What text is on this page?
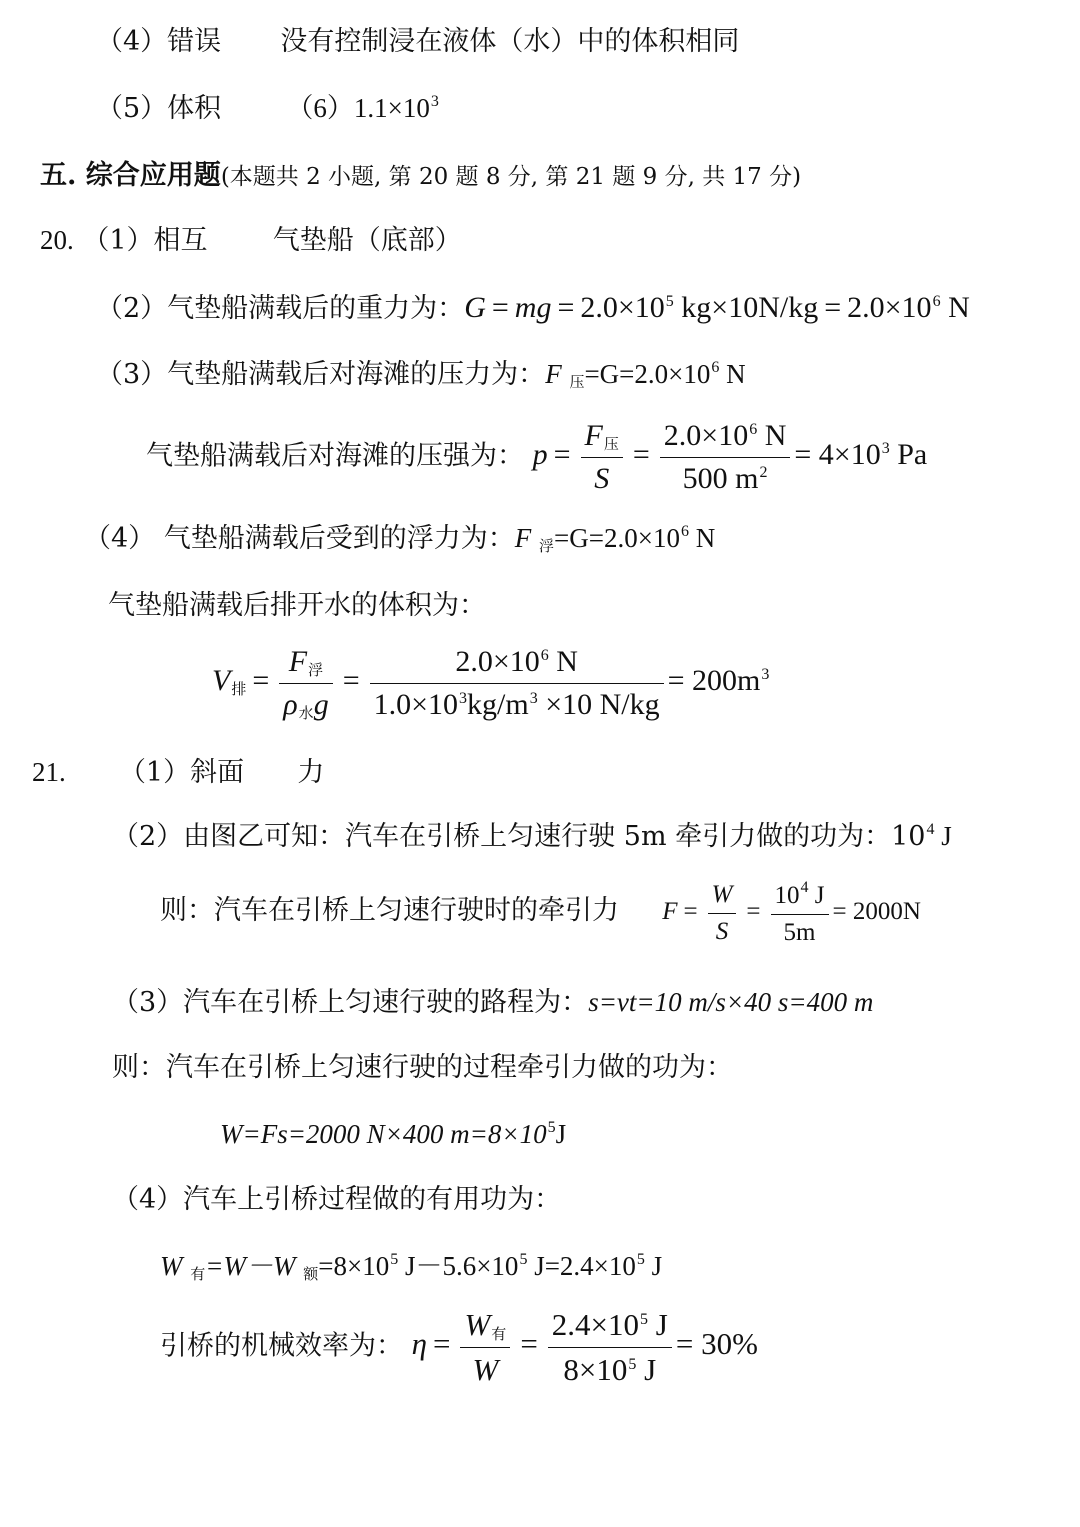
（4）错误 没有控制浸在液体（水）中的体积相同
（5）体积 $(6)1.1\times 10^3$
五. 综合应用题(本题共 2 小题, 第 20 题 8 分, 第 21 题 9 分, 共 17 分)
20. （1）相互 气垫船（底部）
（2）气垫船满载后的重力为：G = mg = $2.0\times 10^5$ $kg\times 10N/kg = 2.0\times 10^6$ N
（3）气垫船满载后对海滩的压力为：F $_压=G=2.0\times 10^6$ N
气垫船满载后对海滩的压强为： $p = \frac{F_压}{S} = \frac{2.0\times 10^6 N}{500 m^2} = 4\times 10^3$ Pa
（4） 气垫船满载后受到的浮力为：F $_浮=G=2.0\times 10^6$ N
气垫船满载后排开水的体积为：
$V_排 = \frac{F_浮}{\rho_水g} = \frac{2.0\times 10^6 N}{1.0\times 10^3kg/m^3 \times 10 N/kg} = 200m^3$
21. （1）斜面 力
（2）由图乙可知：汽车在引桥上匀速行驶 5m 牵引力做的功为：$10^4$ J
则：汽车在引桥上匀速行驶时的牵引力 $F = \frac{W}{S} = \frac{10^4 J}{5m} = 2000N$
（3）汽车在引桥上匀速行驶的路程为：s=vt=10 m/s×40 s=400 m
则：汽车在引桥上匀速行驶的过程牵引力做的功为：
W=Fs=2000 N×400 $m=8\times 10^5J$
（4）汽车上引桥过程做的有用功为：
W $_有$=W－W $_额=8\times 10^5$ $J-5.6\times 10^5$ $J=2.4\times 10^5$ J
引桥的机械效率为： $\eta = \frac{W_有}{W} = \frac{2.4\times 10^5 J}{8\times 10^5 J} = 30\%$
